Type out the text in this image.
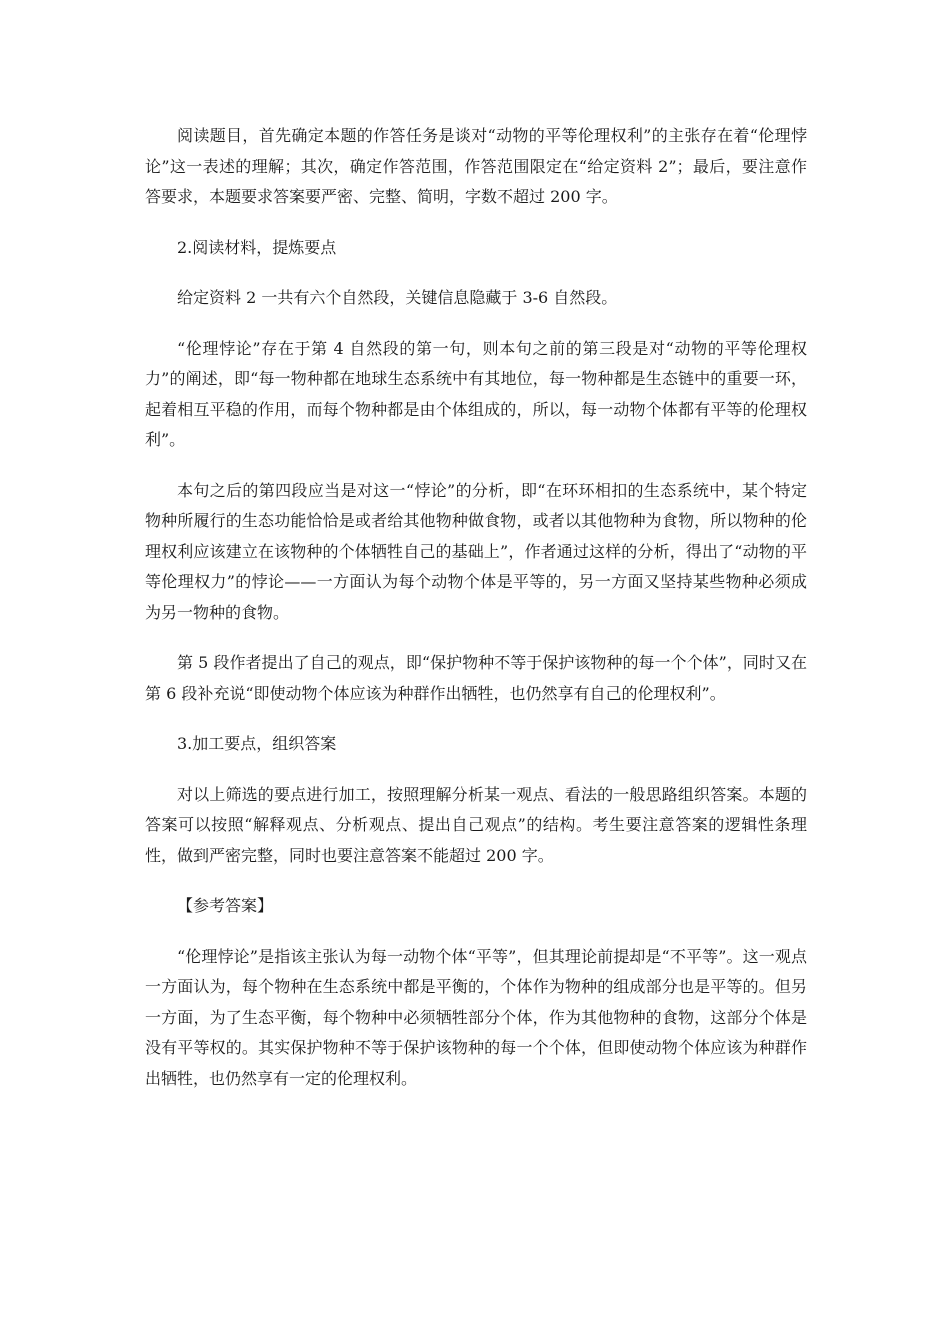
阅读题目，首先确定本题的作答任务是谈对“动物的平等伦理权利”的主张存在着“伦理悖论”这一表述的理解；其次，确定作答范围，作答范围限定在“给定资料 2”；最后，要注意作答要求，本题要求答案要严密、完整、简明，字数不超过 200 字。

2.阅读材料，提炼要点

给定资料 2 一共有六个自然段，关键信息隐藏于 3-6 自然段。

“伦理悖论”存在于第 4 自然段的第一句，则本句之前的第三段是对“动物的平等伦理权力”的阐述，即“每一物种都在地球生态系统中有其地位，每一物种都是生态链中的重要一环，起着相互平稳的作用，而每个物种都是由个体组成的，所以，每一动物个体都有平等的伦理权利”。

本句之后的第四段应当是对这一“悖论”的分析，即“在环环相扣的生态系统中，某个特定物种所履行的生态功能恰恰是或者给其他物种做食物，或者以其他物种为食物，所以物种的伦理权利应该建立在该物种的个体牺牲自己的基础上”，作者通过这样的分析，得出了“动物的平等伦理权力”的悖论——一方面认为每个动物个体是平等的，另一方面又坚持某些物种必须成为另一物种的食物。

第 5 段作者提出了自己的观点，即“保护物种不等于保护该物种的每一个个体”，同时又在第 6 段补充说“即使动物个体应该为种群作出牺牲，也仍然享有自己的伦理权利”。

3.加工要点，组织答案

对以上筛选的要点进行加工，按照理解分析某一观点、看法的一般思路组织答案。本题的答案可以按照“解释观点、分析观点、提出自己观点”的结构。考生要注意答案的逻辑性条理性，做到严密完整，同时也要注意答案不能超过 200 字。

【参考答案】

“伦理悖论”是指该主张认为每一动物个体“平等”，但其理论前提却是“不平等”。这一观点一方面认为，每个物种在生态系统中都是平衡的，个体作为物种的组成部分也是平等的。但另一方面，为了生态平衡，每个物种中必须牺牲部分个体，作为其他物种的食物，这部分个体是没有平等权的。其实保护物种不等于保护该物种的每一个个体，但即使动物个体应该为种群作出牺牲，也仍然享有一定的伦理权利。
